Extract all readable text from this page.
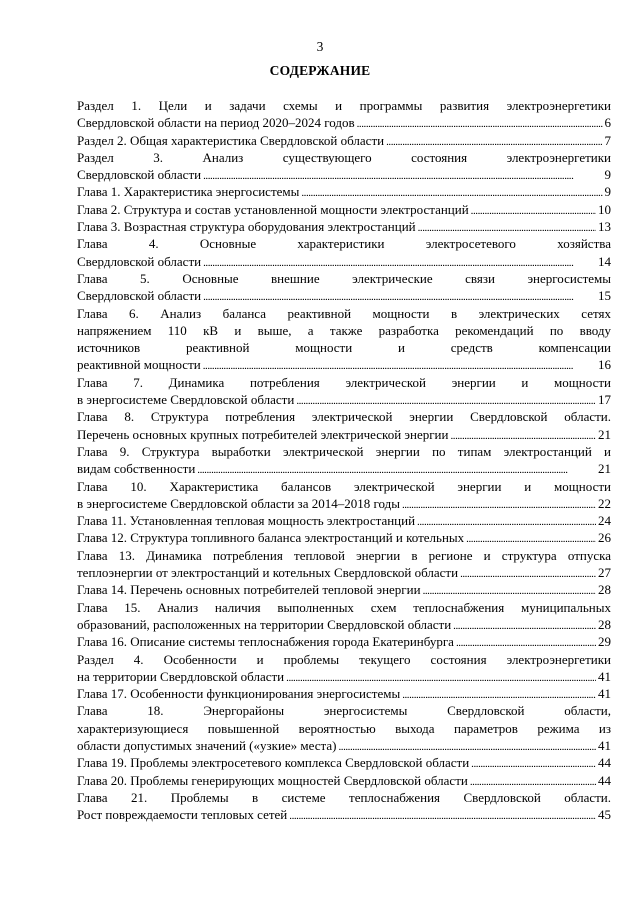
3
СОДЕРЖАНИЕ
Раздел 1. Цели и задачи схемы и программы развития электроэнергетики
Свердловской области на период 2020–2024 годов . . .	6
Раздел 2. Общая характеристика Свердловской области . . .	7
Раздел 3. Анализ существующего состояния электроэнергетики
Свердловской области . . .	9
Глава 1. Характеристика энергосистемы . . .	9
Глава 2. Структура и состав установленной мощности электростанций . . .	10
Глава 3. Возрастная структура оборудования электростанций . . .	13
Глава 4. Основные характеристики электросетевого хозяйства
Свердловской области . . .	14
Глава 5. Основные внешние электрические связи энергосистемы
Свердловской области . . .	15
Глава 6. Анализ баланса реактивной мощности в электрических сетях
напряжением 110 кВ и выше, а также разработка рекомендаций по вводу
источников реактивной мощности и средств компенсации
реактивной мощности . . .	16
Глава 7. Динамика потребления электрической энергии и мощности
в энергосистеме Свердловской области . . .	17
Глава 8. Структура потребления электрической энергии Свердловской области.
Перечень основных крупных потребителей электрической энергии . . .	21
Глава 9. Структура выработки электрической энергии по типам электростанций и
видам собственности . . .	21
Глава 10. Характеристика балансов электрической энергии и мощности
в энергосистеме Свердловской области за 2014–2018 годы . . .	22
Глава 11. Установленная тепловая мощность электростанций . . .	24
Глава 12. Структура топливного баланса электростанций и котельных . . .	26
Глава 13. Динамика потребления тепловой энергии в регионе и структура отпуска
теплоэнергии от электростанций и котельных Свердловской области . . .	27
Глава 14. Перечень основных потребителей тепловой энергии . . .	28
Глава 15. Анализ наличия выполненных схем теплоснабжения муниципальных
образований, расположенных на территории Свердловской области . . .	28
Глава 16. Описание системы теплоснабжения города Екатеринбурга . . .	29
Раздел 4. Особенности и проблемы текущего состояния электроэнергетики
на территории Свердловской области . . .	41
Глава 17. Особенности функционирования энергосистемы . . .	41
Глава 18. Энергорайоны энергосистемы Свердловской области,
характеризующиеся повышенной вероятностью выхода параметров режима из
области допустимых значений («узкие» места) . . .	41
Глава 19. Проблемы электросетевого комплекса Свердловской области . . .	44
Глава 20. Проблемы генерирующих мощностей Свердловской области . . .	44
Глава 21. Проблемы в системе теплоснабжения Свердловской области.
Рост повреждаемости тепловых сетей . . .	45
